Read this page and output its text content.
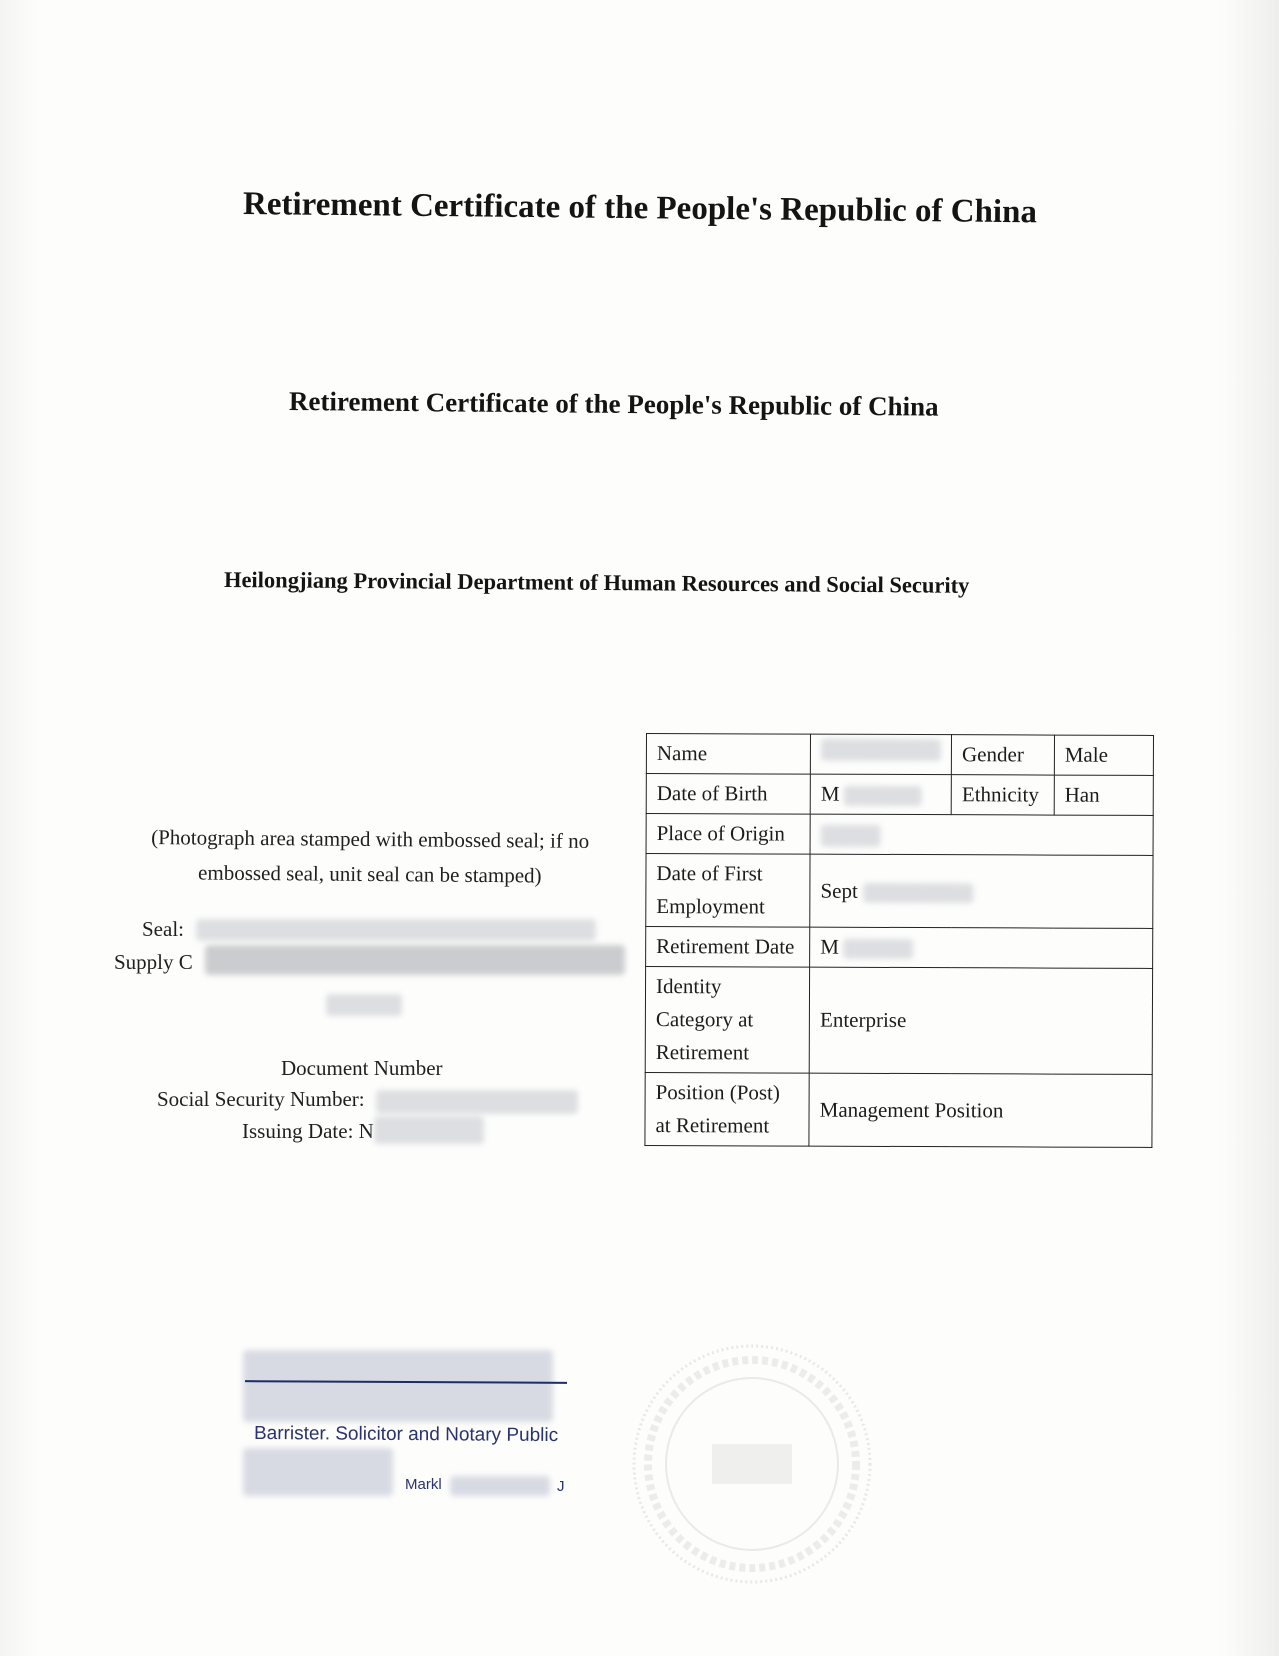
Retirement Certificate of the People's Republic of China
Retirement Certificate of the People's Republic of China
Heilongjiang Provincial Department of Human Resources and Social Security
(Photograph area stamped with embossed seal; if no embossed seal, unit seal can be stamped)
Seal:
Supply C
Document Number
Social Security Number:
Issuing Date: N
Name		Gender	Male
Date of Birth	M	Ethnicity	Han
Place of Origin			
Date of First Employment	Sept		
Retirement Date	M		
Identity Category at Retirement	Enterprise		
Position (Post) at Retirement	Management Position		
Barrister. Solicitor and Notary Public
Markl	J
